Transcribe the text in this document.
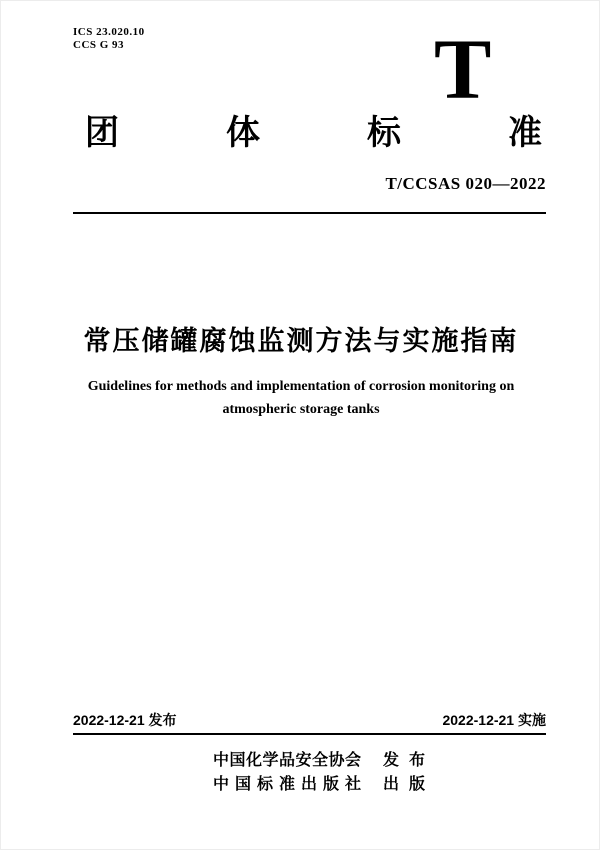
ICS 23.020.10
CCS G 93	T
团体标准
T/CCSAS 020—2022
常压储罐腐蚀监测方法与实施指南
Guidelines for methods and implementation of corrosion monitoring on
atmospheric storage tanks
2022-12-21 发布	2022-12-21 实施
中国化学品安全协会 发布
中国标准出版社 出版
